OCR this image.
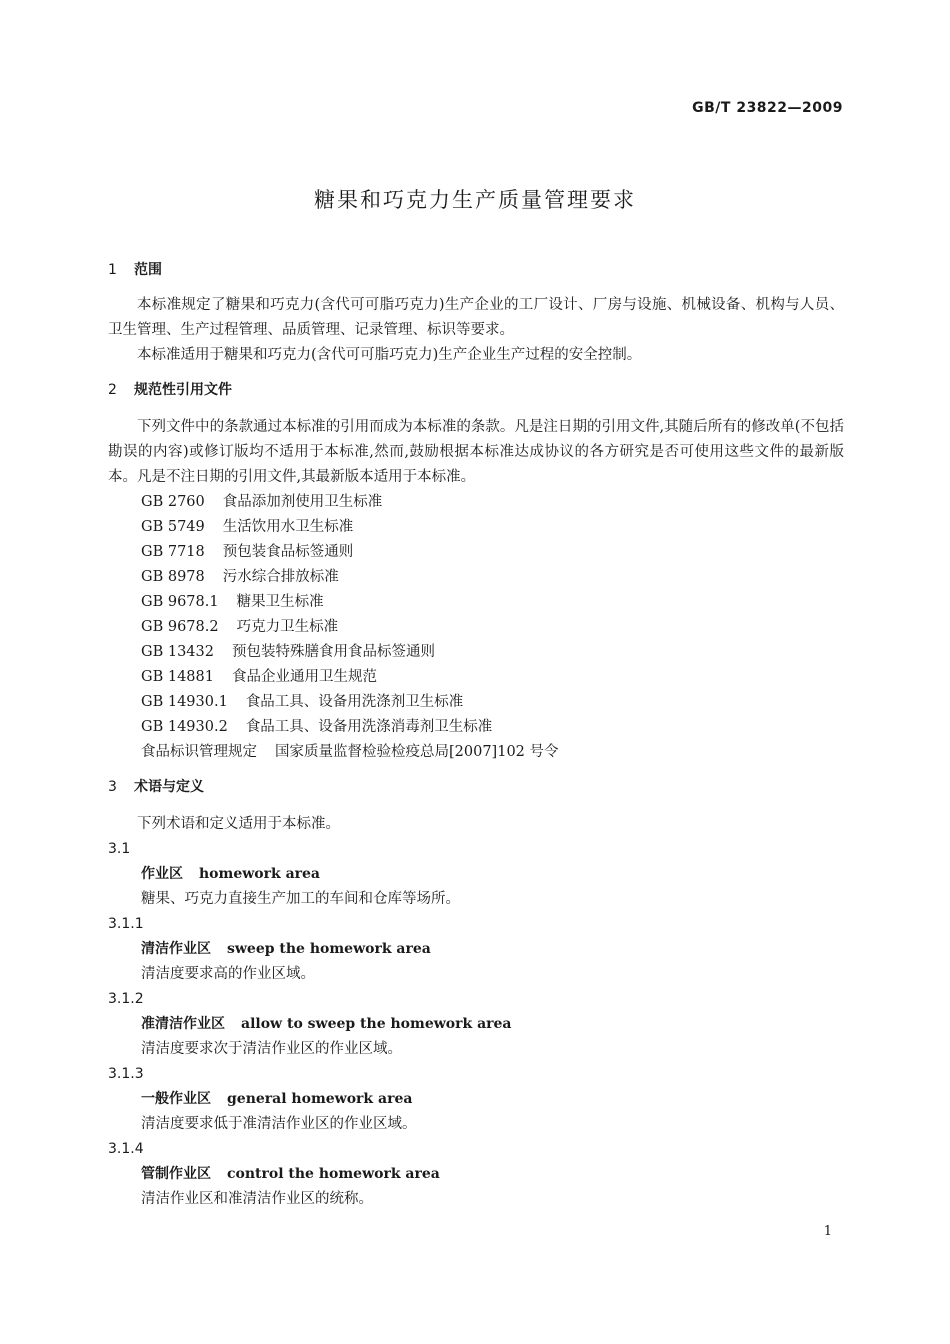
GB/T 23822—2009
糖果和巧克力生产质量管理要求
1 范围

本标准规定了糖果和巧克力(含代可可脂巧克力)生产企业的工厂设计、厂房与设施、机械设备、机构与人员、卫生管理、生产过程管理、品质管理、记录管理、标识等要求。

本标准适用于糖果和巧克力(含代可可脂巧克力)生产企业生产过程的安全控制。

2 规范性引用文件

下列文件中的条款通过本标准的引用而成为本标准的条款。凡是注日期的引用文件,其随后所有的修改单(不包括勘误的内容)或修订版均不适用于本标准,然而,鼓励根据本标准达成协议的各方研究是否可使用这些文件的最新版本。凡是不注日期的引用文件,其最新版本适用于本标准。

GB 2760 食品添加剂使用卫生标准
GB 5749 生活饮用水卫生标准
GB 7718 预包装食品标签通则
GB 8978 污水综合排放标准
GB 9678.1 糖果卫生标准
GB 9678.2 巧克力卫生标准
GB 13432 预包装特殊膳食用食品标签通则
GB 14881 食品企业通用卫生规范
GB 14930.1 食品工具、设备用洗涤剂卫生标准
GB 14930.2 食品工具、设备用洗涤消毒剂卫生标准
食品标识管理规定 国家质量监督检验检疫总局[2007]102 号令
3 术语与定义

下列术语和定义适用于本标准。

3.1
作业区 homework area
糖果、巧克力直接生产加工的车间和仓库等场所。
3.1.1
清洁作业区 sweep the homework area
清洁度要求高的作业区域。
3.1.2
准清洁作业区 allow to sweep the homework area
清洁度要求次于清洁作业区的作业区域。
3.1.3
一般作业区 general homework area
清洁度要求低于准清洁作业区的作业区域。
3.1.4
管制作业区 control the homework area
清洁作业区和准清洁作业区的统称。
1
